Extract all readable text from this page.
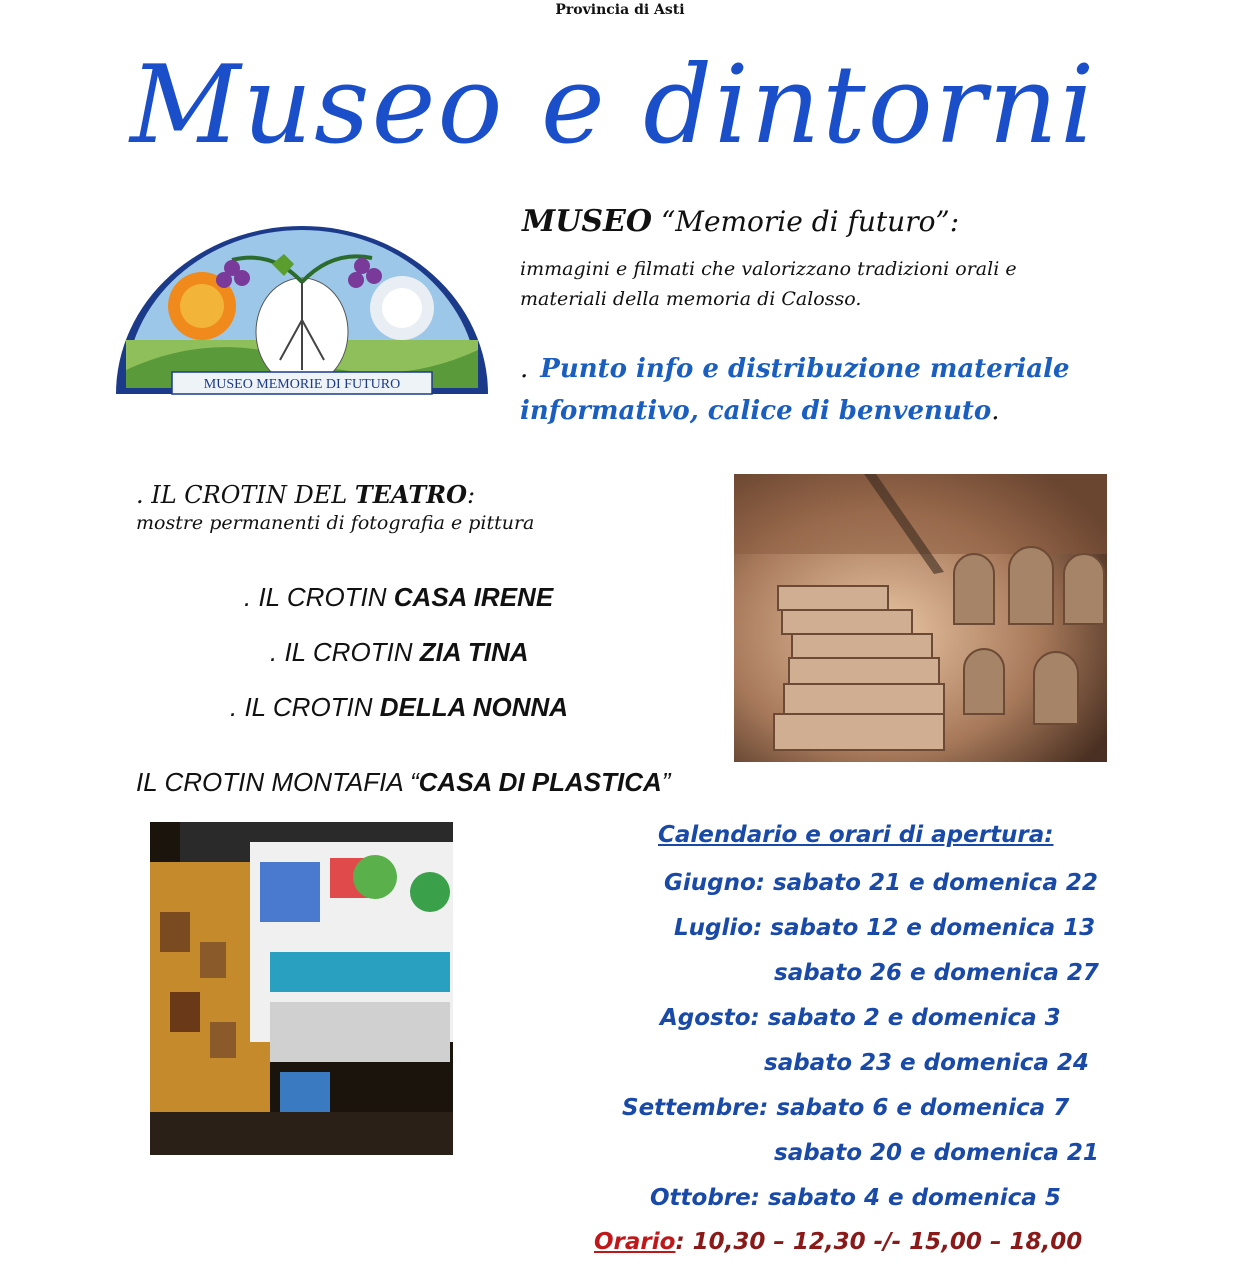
Provincia di Asti
Museo e dintorni
MUSEO MEMORIE DI FUTURO
MUSEO “Memorie di futuro”:
immagini e filmati che valorizzano tradizioni orali e
materiali della memoria di Calosso.
. Punto info e distribuzione materiale
informativo, calice di benvenuto.
. IL CROTIN DEL TEATRO:
mostre permanenti di fotografia e pittura
. IL CROTIN CASA IRENE
. IL CROTIN ZIA TINA
. IL CROTIN DELLA NONNA
IL CROTIN MONTAFIA “CASA DI PLASTICA”
Calendario e orari di apertura:
Giugno: sabato 21 e domenica 22
Luglio: sabato 12 e domenica 13
sabato 26 e domenica 27
Agosto: sabato 2 e domenica 3
sabato 23 e domenica 24
Settembre: sabato 6 e domenica 7
sabato 20 e domenica 21
Ottobre: sabato 4 e domenica 5
Orario: 10,30 – 12,30 -/- 15,00 – 18,00
